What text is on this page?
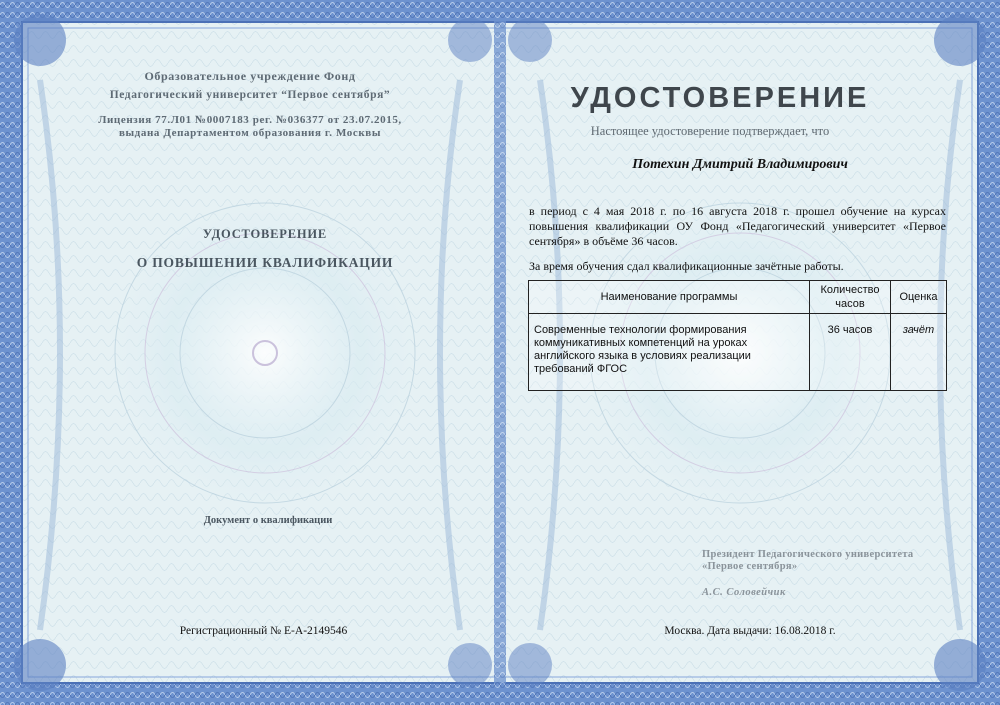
Образовательное учреждение Фонд
Педагогический университет “Первое сентября”
Лицензия 77.Л01 №0007183 рег. №036377 от 23.07.2015,
выдана Департаментом образования г. Москвы
УДОСТОВЕРЕНИЕ
О ПОВЫШЕНИИ КВАЛИФИКАЦИИ
Документ о квалификации
Регистрационный № Е-А-2149546
УДОСТОВЕРЕНИЕ
Настоящее удостоверение подтверждает, что
Потехин Дмитрий Владимирович
в период с 4 мая 2018 г. по 16 августа 2018 г. прошел обучение на курсах повышения квалификации ОУ Фонд «Педагогический университет «Первое сентября» в объёме 36 часов.
За время обучения сдал квалификационные зачётные работы.
Наименование программы	Количество часов	Оценка
Современные технологии формирования коммуникативных компетенций на уроках английского языка в условиях реализации требований ФГОС	36 часов	зачёт
Президент Педагогического университета
«Первое сентября»
А.С. Соловейчик
Москва. Дата выдачи: 16.08.2018 г.
